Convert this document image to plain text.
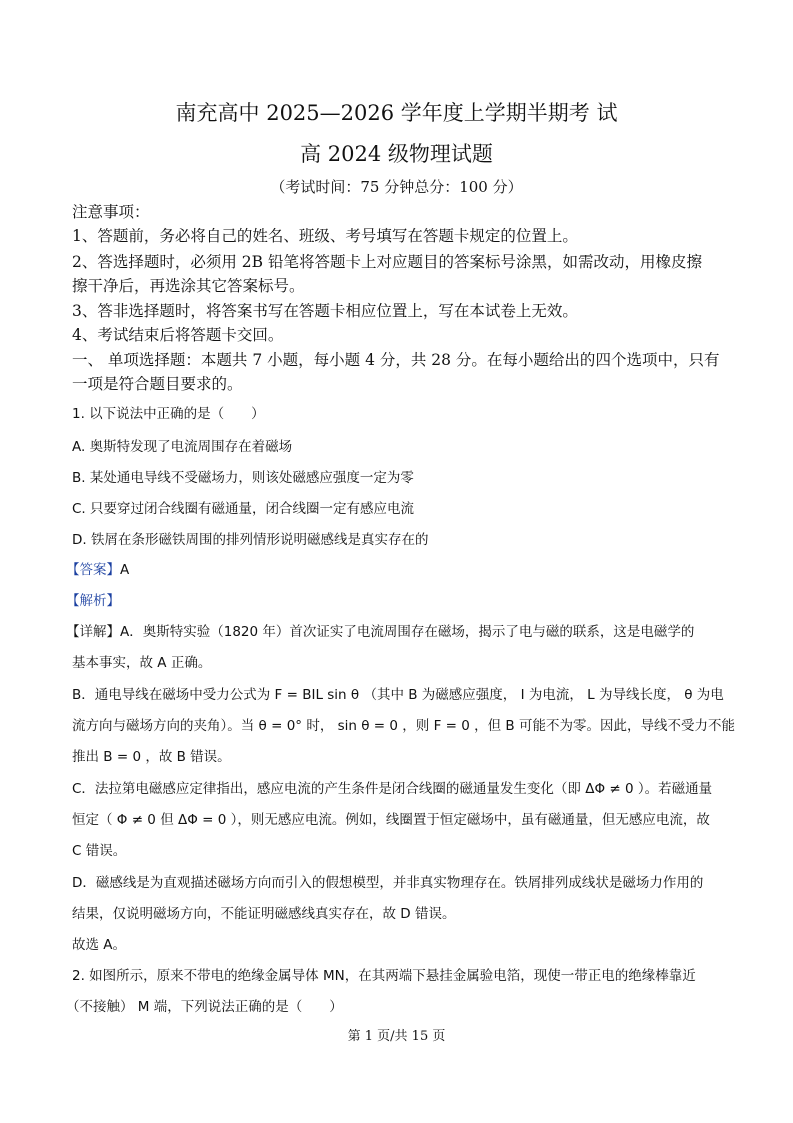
南充高中 2025—2026 学年度上学期半期考 试
高 2024 级物理试题
（考试时间：75 分钟总分：100 分）
注意事项：
1、答题前，务必将自己的姓名、班级、考号填写在答题卡规定的位置上。
2、答选择题时，必须用 2B 铅笔将答题卡上对应题目的答案标号涂黑，如需改动，用橡皮擦
擦干净后，再选涂其它答案标号。
3、答非选择题时，将答案书写在答题卡相应位置上，写在本试卷上无效。
4、考试结束后将答题卡交回。
一、 单项选择题：本题共 7 小题，每小题 4 分，共 28 分。在每小题给出的四个选项中，只有
一项是符合题目要求的。
1. 以下说法中正确的是（　　）
A. 奥斯特发现了电流周围存在着磁场
B. 某处通电导线不受磁场力，则该处磁感应强度一定为零
C. 只要穿过闭合线圈有磁通量，闭合线圈一定有感应电流
D. 铁屑在条形磁铁周围的排列情形说明磁感线是真实存在的
【答案】A
【解析】
【详解】A．奥斯特实验（1820 年）首次证实了电流周围存在磁场，揭示了电与磁的联系，这是电磁学的
基本事实，故 A 正确。
B．通电导线在磁场中受力公式为 F = BIL sin θ （其中 B 为磁感应强度， I 为电流， L 为导线长度， θ 为电
流方向与磁场方向的夹角）。当 θ = 0° 时， sin θ = 0 ，则 F = 0 ，但 B 可能不为零。因此，导线不受力不能
推出 B = 0 ，故 B 错误。
C．法拉第电磁感应定律指出，感应电流的产生条件是闭合线圈的磁通量发生变化（即 ΔΦ ≠ 0 ）。若磁通量
恒定（ Φ ≠ 0 但 ΔΦ = 0 ），则无感应电流。例如，线圈置于恒定磁场中，虽有磁通量，但无感应电流，故
C 错误。
D．磁感线是为直观描述磁场方向而引入的假想模型，并非真实物理存在。铁屑排列成线状是磁场力作用的
结果，仅说明磁场方向，不能证明磁感线真实存在，故 D 错误。
故选 A。
2. 如图所示，原来不带电的绝缘金属导体 MN，在其两端下悬挂金属验电箔，现使一带正电的绝缘棒靠近
（不接触） M 端，下列说法正确的是（　　）
第 1 页/共 15 页
